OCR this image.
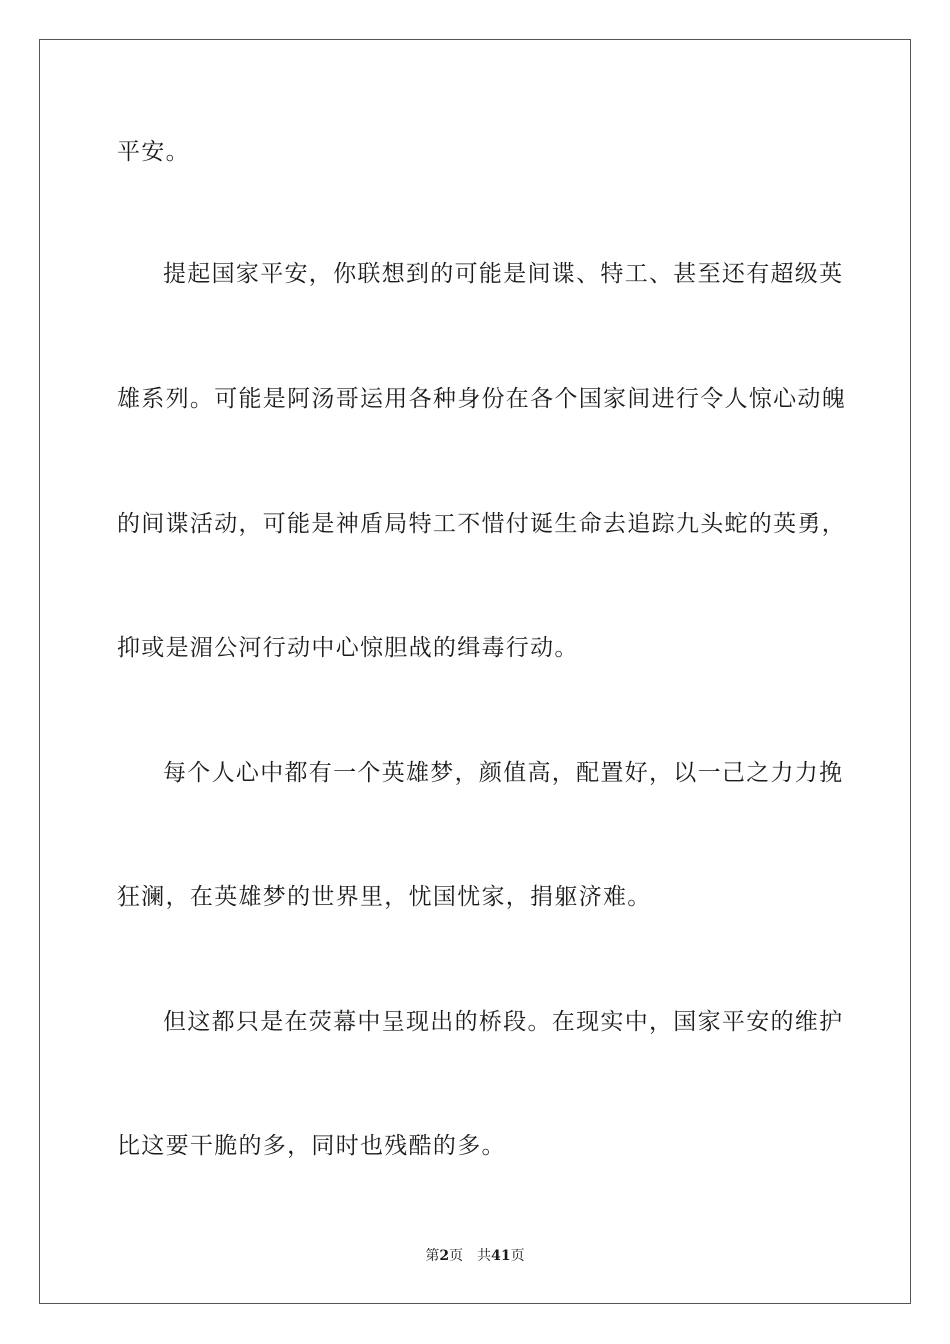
平安。
提起国家平安，你联想到的可能是间谍、特工、甚至还有超级英
雄系列。可能是阿汤哥运用各种身份在各个国家间进行令人惊心动魄
的间谍活动，可能是神盾局特工不惜付诞生命去追踪九头蛇的英勇，
抑或是湄公河行动中心惊胆战的缉毒行动。
每个人心中都有一个英雄梦，颜值高，配置好，以一己之力力挽
狂澜，在英雄梦的世界里，忧国忧家，捐躯济难。
但这都只是在荧幕中呈现出的桥段。在现实中，国家平安的维护
比这要干脆的多，同时也残酷的多。
第2页 共41页
